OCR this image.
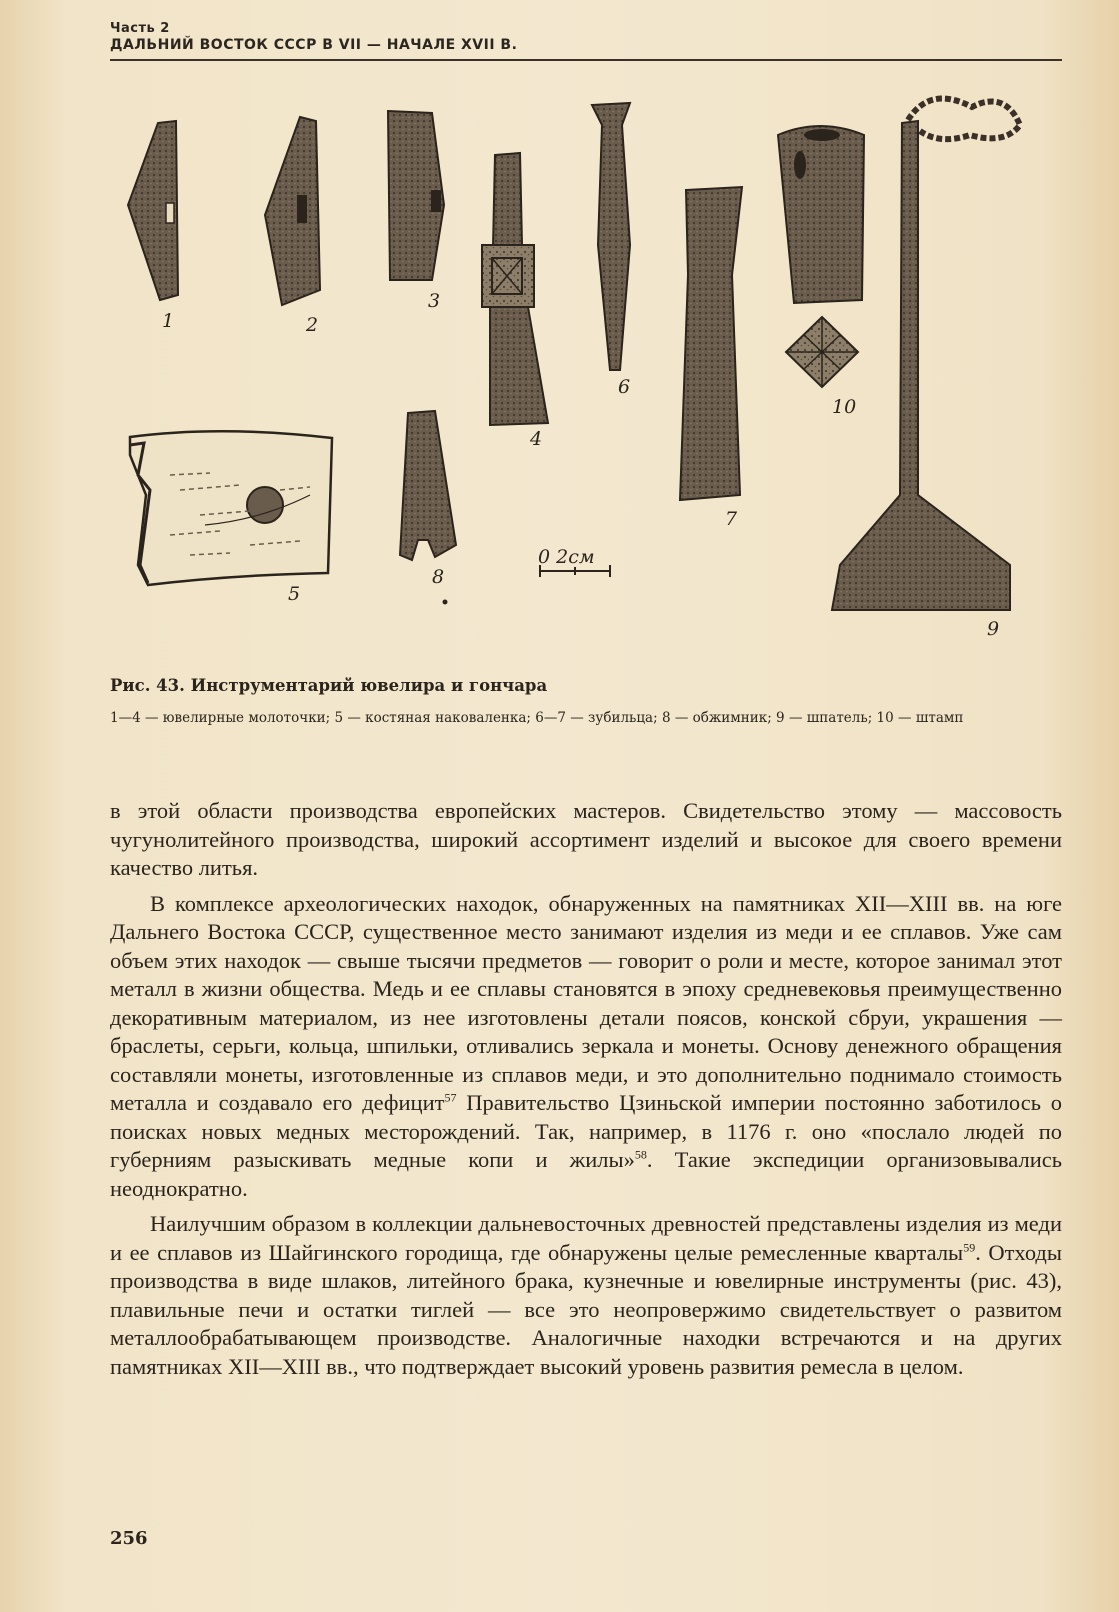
Часть 2
ДАЛЬНИЙ ВОСТОК СССР В VII — НАЧАЛЕ XVII В.
1	2
3
4
6
7
10
9
5
8
0 2см
Рис. 43. Инструментарий ювелира и гончара
1—4 — ювелирные молоточки; 5 — костяная наковаленка; 6—7 — зубильца; 8 — обжимник; 9 — шпатель; 10 — штамп

в этой области производства европейских мастеров. Свидетельство этому — массовость чугунолитейного производства, широкий ассортимент изделий и высокое для своего времени качество литья.

В комплексе археологических находок, обнаруженных на памятниках XII—XIII вв. на юге Дальнего Востока СССР, существенное место занимают изделия из меди и ее сплавов. Уже сам объем этих находок — свыше тысячи предметов — говорит о роли и месте, которое занимал этот металл в жизни общества. Медь и ее сплавы становятся в эпоху средневековья преимущественно декоративным материалом, из нее изготовлены детали поясов, конской сбруи, украшения — браслеты, серьги, кольца, шпильки, отливались зеркала и монеты. Основу денежного обращения составляли монеты, изготовленные из сплавов меди, и это дополнительно поднимало стоимость металла и создавало его дефицит$^{57}$ Правительство Цзиньской империи постоянно заботилось о поисках новых медных месторождений. Так, например, в 1176 г. оно «послало людей по губерниям разыскивать медные копи и жилы»$^{58}$. Такие экспедиции организовывались неоднократно.

Наилучшим образом в коллекции дальневосточных древностей представлены изделия из меди и ее сплавов из Шайгинского городища, где обнаружены целые ремесленные кварталы$^{59}$. Отходы производства в виде шлаков, литейного брака, кузнечные и ювелирные инструменты (рис. 43), плавильные печи и остатки тиглей — все это неопровержимо свидетельствует о развитом металлообрабатывающем производстве. Аналогичные находки встречаются и на других памятниках XII—XIII вв., что подтверждает высокий уровень развития ремесла в целом.

256
